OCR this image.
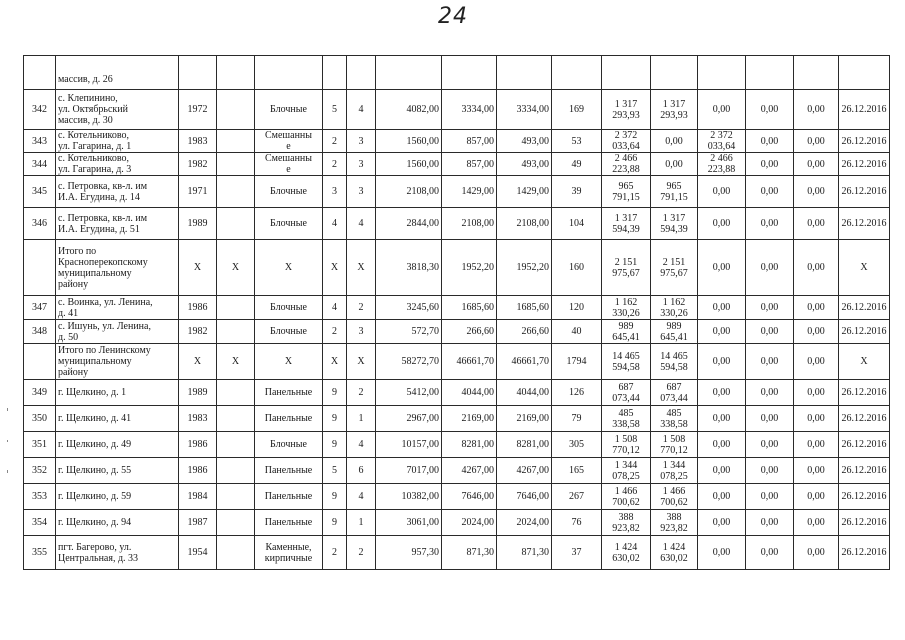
24
	массив, д. 26															
342	с. Клепинино,
ул. Октябрьский
массив, д. 30	1972		Блочные	5	4	4082,00	3334,00	3334,00	169	1 317
293,93	1 317
293,93	0,00	0,00	0,00	26.12.2016
343	с. Котельниково,
ул. Гагарина, д. 1	1983		Смешанны
е	2	3	1560,00	857,00	493,00	53	2 372
033,64	0,00	2 372
033,64	0,00	0,00	26.12.2016
344	с. Котельниково,
ул. Гагарина, д. 3	1982		Смешанны
е	2	3	1560,00	857,00	493,00	49	2 466
223,88	0,00	2 466
223,88	0,00	0,00	26.12.2016
345	с. Петровка, кв-л. им
И.А. Егудина, д. 14	1971		Блочные	3	3	2108,00	1429,00	1429,00	39	965
791,15	965
791,15	0,00	0,00	0,00	26.12.2016
346	с. Петровка, кв-л. им
И.А. Егудина, д. 51	1989		Блочные	4	4	2844,00	2108,00	2108,00	104	1 317
594,39	1 317
594,39	0,00	0,00	0,00	26.12.2016
	Итого по
Красноперекопскому
муниципальному
району	X	X	X	X	X	3818,30	1952,20	1952,20	160	2 151
975,67	2 151
975,67	0,00	0,00	0,00	X
347	с. Воинка, ул. Ленина,
д. 41	1986		Блочные	4	2	3245,60	1685,60	1685,60	120	1 162
330,26	1 162
330,26	0,00	0,00	0,00	26.12.2016
348	с. Ишунь, ул. Ленина,
д. 50	1982		Блочные	2	3	572,70	266,60	266,60	40	989
645,41	989
645,41	0,00	0,00	0,00	26.12.2016
	Итого по Ленинскому
муниципальному
району	X	X	X	X	X	58272,70	46661,70	46661,70	1794	14 465
594,58	14 465
594,58	0,00	0,00	0,00	X
349	г. Щелкино, д. 1	1989		Панельные	9	2	5412,00	4044,00	4044,00	126	687
073,44	687
073,44	0,00	0,00	0,00	26.12.2016
350	г. Щелкино, д. 41	1983		Панельные	9	1	2967,00	2169,00	2169,00	79	485
338,58	485
338,58	0,00	0,00	0,00	26.12.2016
351	г. Щелкино, д. 49	1986		Блочные	9	4	10157,00	8281,00	8281,00	305	1 508
770,12	1 508
770,12	0,00	0,00	0,00	26.12.2016
352	г. Щелкино, д. 55	1986		Панельные	5	6	7017,00	4267,00	4267,00	165	1 344
078,25	1 344
078,25	0,00	0,00	0,00	26.12.2016
353	г. Щелкино, д. 59	1984		Панельные	9	4	10382,00	7646,00	7646,00	267	1 466
700,62	1 466
700,62	0,00	0,00	0,00	26.12.2016
354	г. Щелкино, д. 94	1987		Панельные	9	1	3061,00	2024,00	2024,00	76	388
923,82	388
923,82	0,00	0,00	0,00	26.12.2016
355	пгт. Багерово, ул.
Центральная, д. 33	1954		Каменные,
кирпичные	2	2	957,30	871,30	871,30	37	1 424
630,02	1 424
630,02	0,00	0,00	0,00	26.12.2016
